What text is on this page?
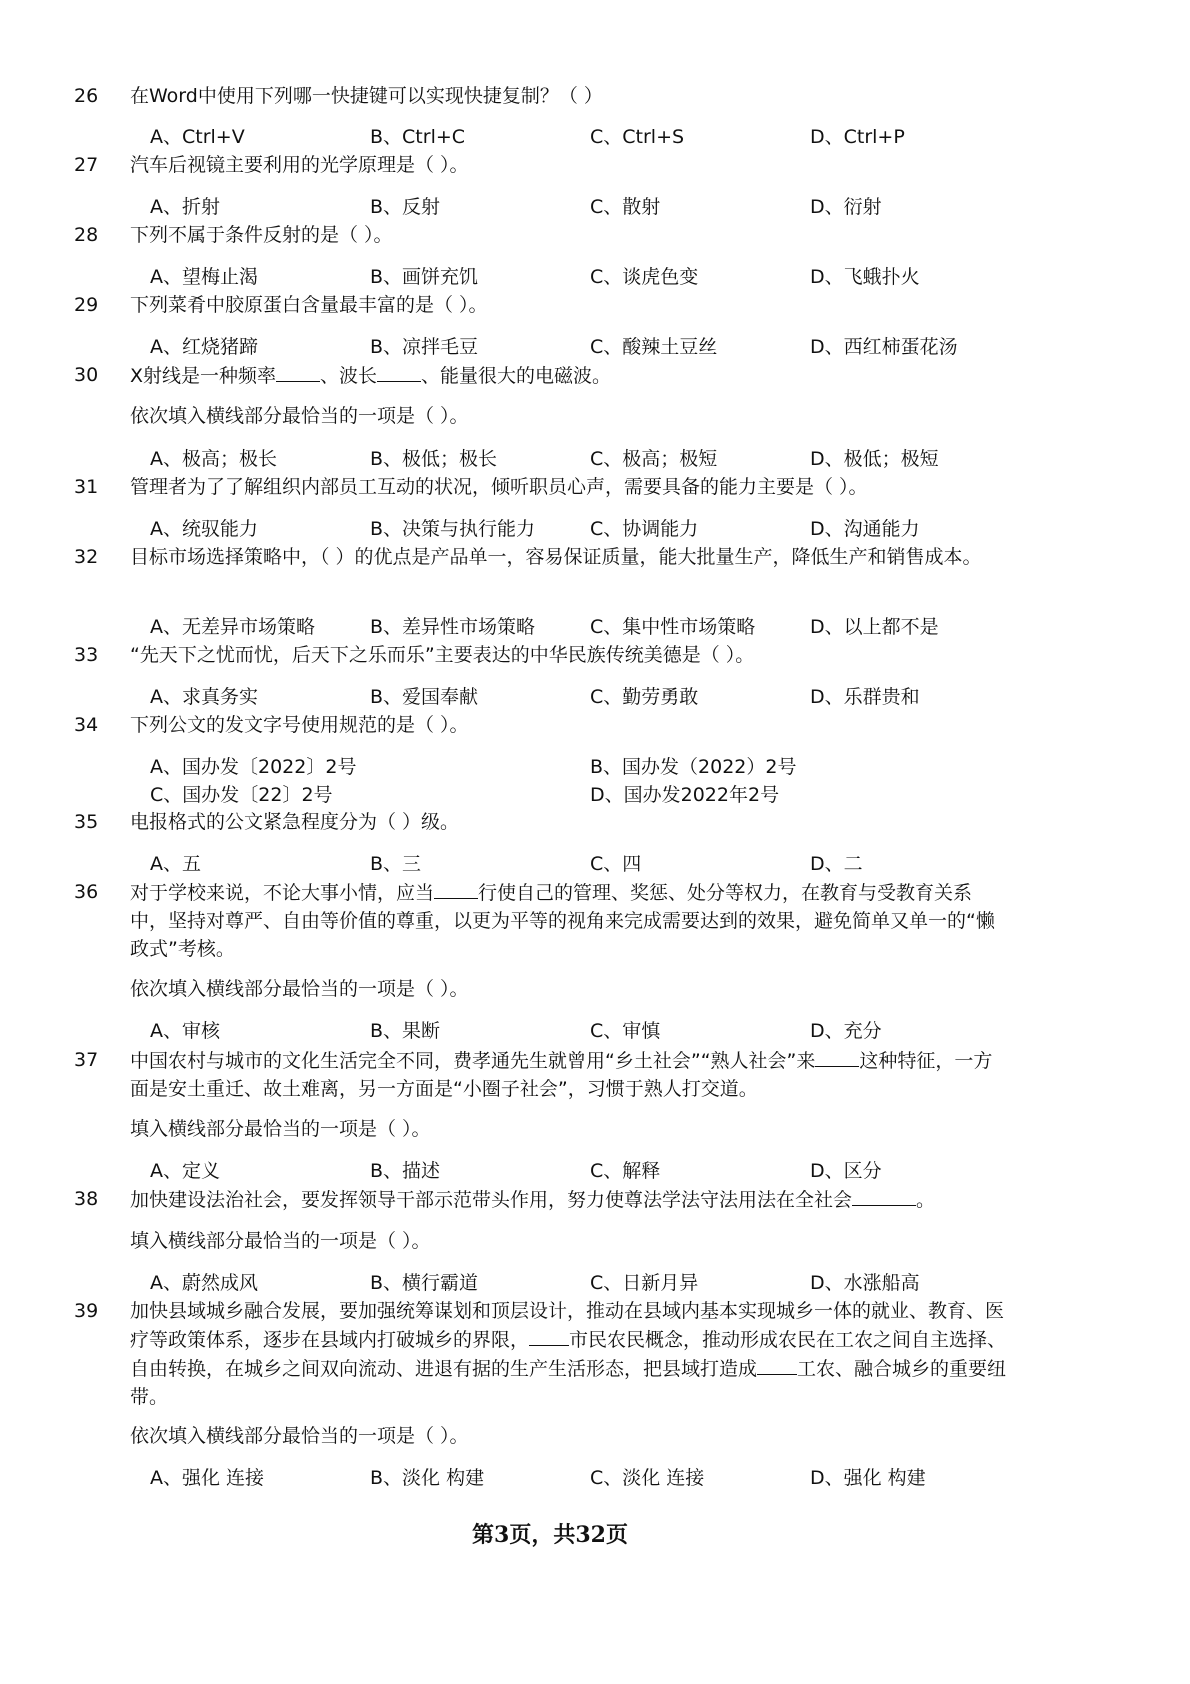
26 在Word中使用下列哪一快捷键可以实现快捷复制？（ ）
A、Ctrl+V	B、Ctrl+C	C、Ctrl+S	D、Ctrl+P
27 汽车后视镜主要利用的光学原理是（ ）。
A、折射	B、反射	C、散射	D、衍射
28 下列不属于条件反射的是（ ）。
A、望梅止渴	B、画饼充饥	C、谈虎色变	D、飞蛾扑火
29 下列菜肴中胶原蛋白含量最丰富的是（ ）。
A、红烧猪蹄	B、凉拌毛豆	C、酸辣土豆丝	D、西红柿蛋花汤
30 X射线是一种频率 、波长 、能量很大的电磁波。
依次填入横线部分最恰当的一项是（ ）。
A、极高；极长	B、极低；极长	C、极高；极短	D、极低；极短
31 管理者为了了解组织内部员工互动的状况，倾听职员心声，需要具备的能力主要是（ ）。
A、统驭能力	B、决策与执行能力	C、协调能力	D、沟通能力
32 目标市场选择策略中，（ ）的优点是产品单一，容易保证质量，能大批量生产，降低生产和销售成本。
A、无差异市场策略	B、差异性市场策略	C、集中性市场策略	D、以上都不是
33 “先天下之忧而忧，后天下之乐而乐”主要表达的中华民族传统美德是（ ）。
A、求真务实	B、爱国奉献	C、勤劳勇敢	D、乐群贵和
34 下列公文的发文字号使用规范的是（ ）。
A、国办发〔2022〕2号	B、国办发（2022）2号
C、国办发〔22〕2号	D、国办发2022年2号
35 电报格式的公文紧急程度分为（ ）级。
A、五	B、三	C、四	D、二
36 对于学校来说，不论大事小情，应当 行使自己的管理、奖惩、处分等权力，在教育与受教育关系中，坚持对尊严、自由等价值的尊重，以更为平等的视角来完成需要达到的效果，避免简单又单一的“懒政式”考核。
依次填入横线部分最恰当的一项是（ ）。
A、审核	B、果断	C、审慎	D、充分
37 中国农村与城市的文化生活完全不同，费孝通先生就曾用“乡土社会”“熟人社会”来 这种特征，一方面是安土重迁、故土难离，另一方面是“小圈子社会”，习惯于熟人打交道。
填入横线部分最恰当的一项是（ ）。
A、定义	B、描述	C、解释	D、区分
38 加快建设法治社会，要发挥领导干部示范带头作用，努力使尊法学法守法用法在全社会	。
填入横线部分最恰当的一项是（ ）。
A、蔚然成风	B、横行霸道	C、日新月异	D、水涨船高
39 加快县域城乡融合发展，要加强统筹谋划和顶层设计，推动在县域内基本实现城乡一体的就业、教育、医疗等政策体系，逐步在县域内打破城乡的界限， 市民农民概念，推动形成农民在工农之间自主选择、自由转换，在城乡之间双向流动、进退有据的生产生活形态，把县域打造成 工农、融合城乡的重要纽带。
依次填入横线部分最恰当的一项是（ ）。
A、强化 连接	B、淡化 构建	C、淡化 连接	D、强化 构建
第3页，共32页
